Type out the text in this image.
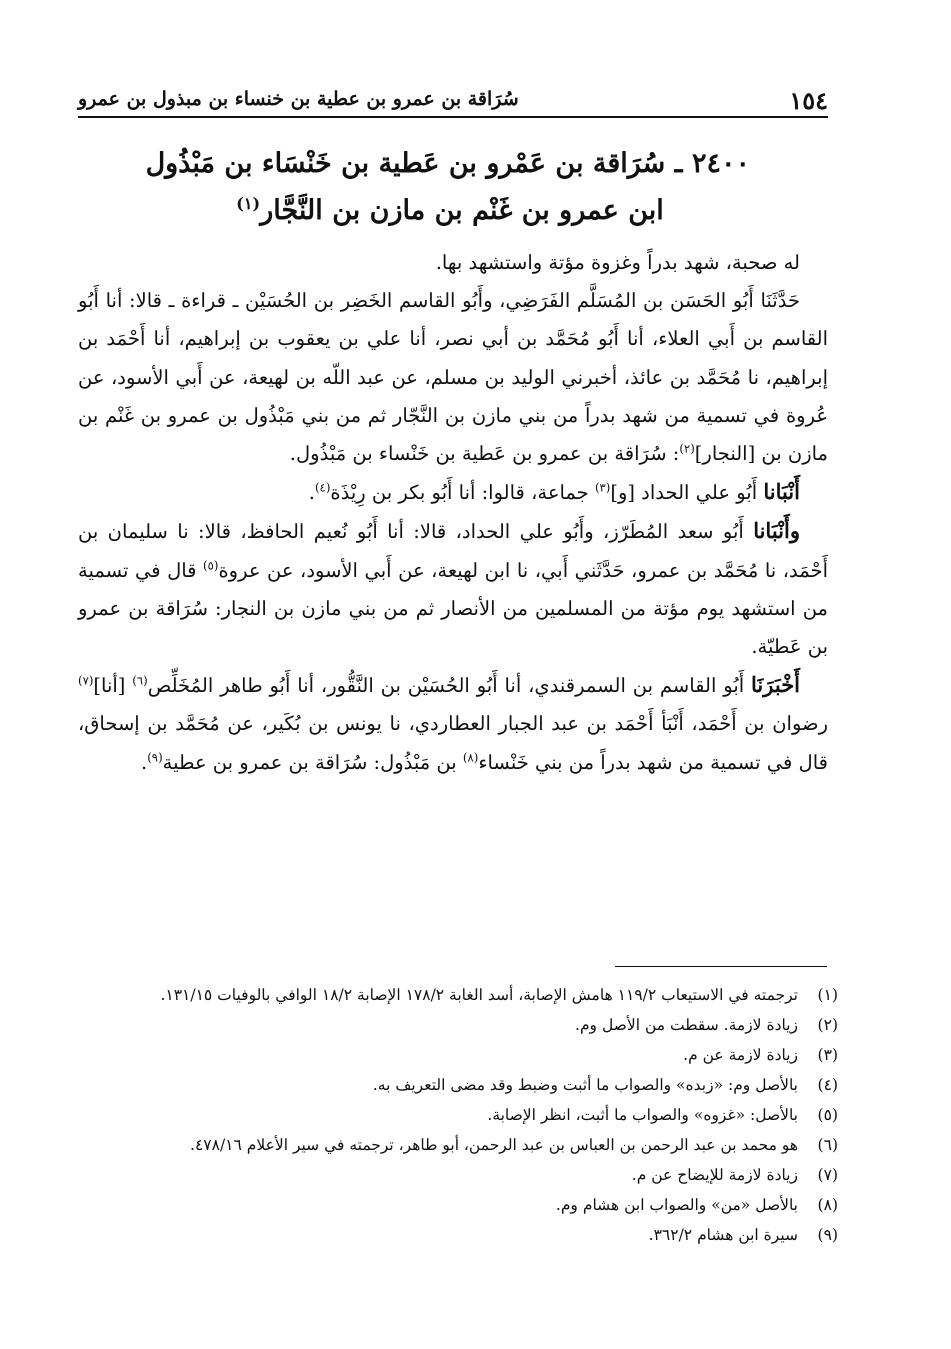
١٥٤
سُرَاقة بن عمرو بن عطية بن خنساء بن مبذول بن عمرو
٢٤٠٠ ـ سُرَاقة بن عَمْرو بن عَطية بن خَنْسَاء بن مَبْذُول
ابن عمرو بن غَنْم بن مازن بن النَّجَّار$^{(١)}$

له صحبة، شهد بدراً وغزوة مؤتة واستشهد بها.

حَدَّثَنَا أَبُو الحَسَن بن المُسَلَّم الفَرَضِي، وأَبُو القاسم الخَضِر بن الحُسَيْن ـ قراءة ـ قالا: أنا أَبُو القاسم بن أَبي العلاء، أنا أَبُو مُحَمَّد بن أبي نصر، أنا علي بن يعقوب بن إبراهيم، أنا أَحْمَد بن إبراهيم، نا مُحَمَّد بن عائذ، أخبرني الوليد بن مسلم، عن عبد اللّه بن لهيعة، عن أَبي الأسود، عن عُروة في تسمية من شهد بدراً من بني مازن بن النَّجّار ثم من بني مَبْذُول بن عمرو بن غَنْم بن مازن بن [النجار]$^{(٢)}$: سُرَاقة بن عمرو بن عَطية بن خَنْساء بن مَبْذُول.

أَنْبَانا أَبُو علي الحداد [و]$^{(٣)}$ جماعة، قالوا: أنا أَبُو بكر بن رِيْذَة$^{(٤)}$.

وأَنْبَانا أَبُو سعد المُطَرّز، وأَبُو علي الحداد، قالا: أنا أَبُو نُعيم الحافظ، قالا: نا سليمان بن أَحْمَد، نا مُحَمَّد بن عمرو، حَدَّثَني أَبي، نا ابن لهيعة، عن أَبي الأسود، عن عروة$^{(٥)}$ قال في تسمية من استشهد يوم مؤتة من المسلمين من الأنصار ثم من بني مازن بن النجار: سُرَاقة بن عمرو بن عَطيّة.

أَخْبَرَنَا أَبُو القاسم بن السمرقندي، أنا أَبُو الحُسَيْن بن النَّقُّور، أنا أَبُو طاهر المُخَلِّص$^{(٦)}$ [أنا]$^{(٧)}$ رضوان بن أَحْمَد، أَنْبَأ أَحْمَد بن عبد الجبار العطاردي، نا يونس بن بُكَير، عن مُحَمَّد بن إسحاق، قال في تسمية من شهد بدراً من بني خَنْساء$^{(٨)}$ بن مَبْذُول: سُرَاقة بن عمرو بن عطية$^{(٩)}$.

(١)
ترجمته في الاستيعاب ١١٩/٢ هامش الإصابة، أسد الغابة ١٧٨/٢ الإصابة ١٨/٢ الوافي بالوفيات ١٣١/١٥.
(٢)
زيادة لازمة. سقطت من الأصل وم.
(٣)
زيادة لازمة عن م.
(٤)
بالأصل وم: «زبده» والصواب ما أثبت وضبط وقد مضى التعريف به.
(٥)
بالأصل: «غزوه» والصواب ما أثبت، انظر الإصابة.
(٦)
هو محمد بن عبد الرحمن بن العباس بن عبد الرحمن، أبو طاهر، ترجمته في سير الأعلام ٤٧٨/١٦.
(٧)
زيادة لازمة للإيضاح عن م.
(٨)
بالأصل «من» والصواب ابن هشام وم.
(٩)
سيرة ابن هشام ٣٦٢/٢.
